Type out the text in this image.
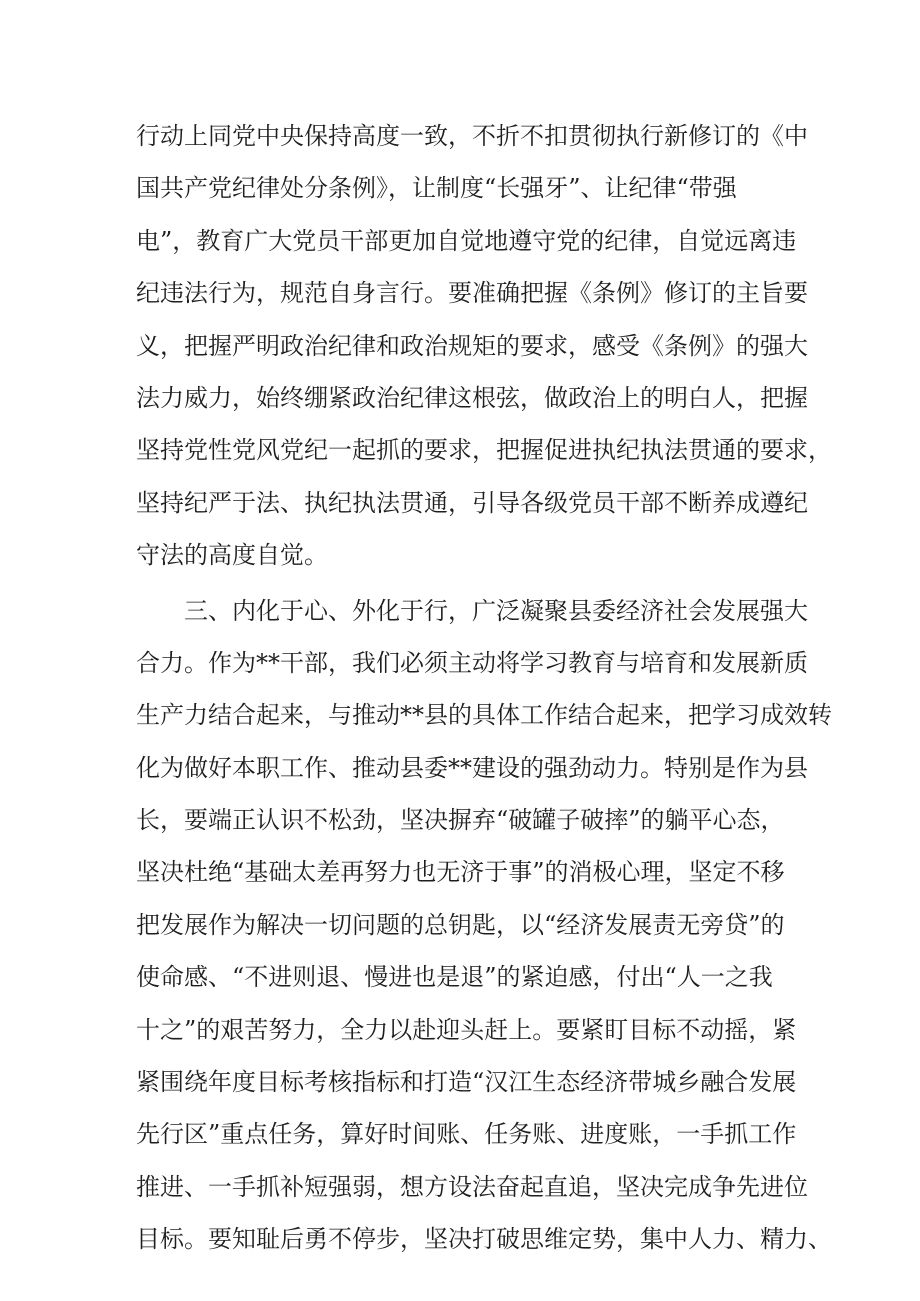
行动上同党中央保持高度一致，不折不扣贯彻执行新修订的《中
国共产党纪律处分条例》，让制度“长强牙”、让纪律“带强
电”，教育广大党员干部更加自觉地遵守党的纪律，自觉远离违
纪违法行为，规范自身言行。要准确把握《条例》修订的主旨要
义，把握严明政治纪律和政治规矩的要求，感受《条例》的强大
法力威力，始终绷紧政治纪律这根弦，做政治上的明白人，把握
坚持党性党风党纪一起抓的要求，把握促进执纪执法贯通的要求，
坚持纪严于法、执纪执法贯通，引导各级党员干部不断养成遵纪
守法的高度自觉。
　　三、内化于心、外化于行，广泛凝聚县委经济社会发展强大
合力。作为**干部，我们必须主动将学习教育与培育和发展新质
生产力结合起来，与推动**县的具体工作结合起来，把学习成效转
化为做好本职工作、推动县委**建设的强劲动力。特别是作为县
长，要端正认识不松劲，坚决摒弃“破罐子破摔”的躺平心态，
坚决杜绝“基础太差再努力也无济于事”的消极心理，坚定不移
把发展作为解决一切问题的总钥匙，以“经济发展责无旁贷”的
使命感、“不进则退、慢进也是退”的紧迫感，付出“人一之我
十之”的艰苦努力，全力以赴迎头赶上。要紧盯目标不动摇，紧
紧围绕年度目标考核指标和打造“汉江生态经济带城乡融合发展
先行区”重点任务，算好时间账、任务账、进度账，一手抓工作
推进、一手抓补短强弱，想方设法奋起直追，坚决完成争先进位
目标。要知耻后勇不停步，坚决打破思维定势，集中人力、精力、
